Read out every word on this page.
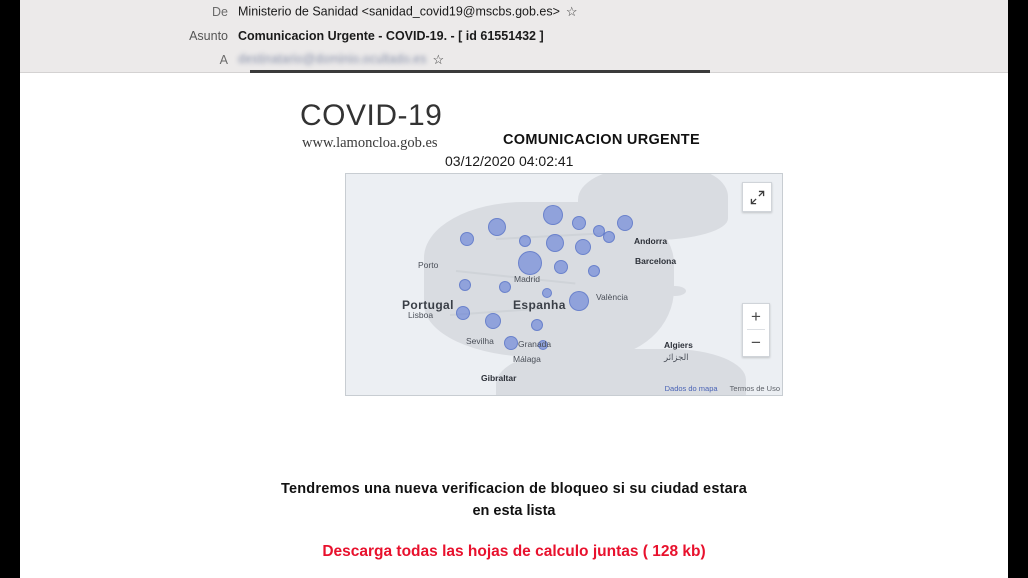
De Ministerio de Sanidad <sanidad_covid19@mscbs.gob.es> ☆
Asunto Comunicacion Urgente - COVID-19. - [ id 61551432 ]
A destinatario@dominio.ocultado.es ☆
COVID-19
www.lamoncloa.gob.es	COMUNICACION URGENTE
03/12/2020 04:02:41
Andorra
Barcelona
Porto
Madrid
Espanha
València
Portugal
Lisboa
Sevilha	Granada
Málaga
Algiers
الجزائر
Gibraltar
+
−
Dados do mapa Termos de Uso
Tendremos una nueva verificacion de bloqueo si su ciudad estara
en esta lista
Descarga todas las hojas de calculo juntas ( 128 kb)
